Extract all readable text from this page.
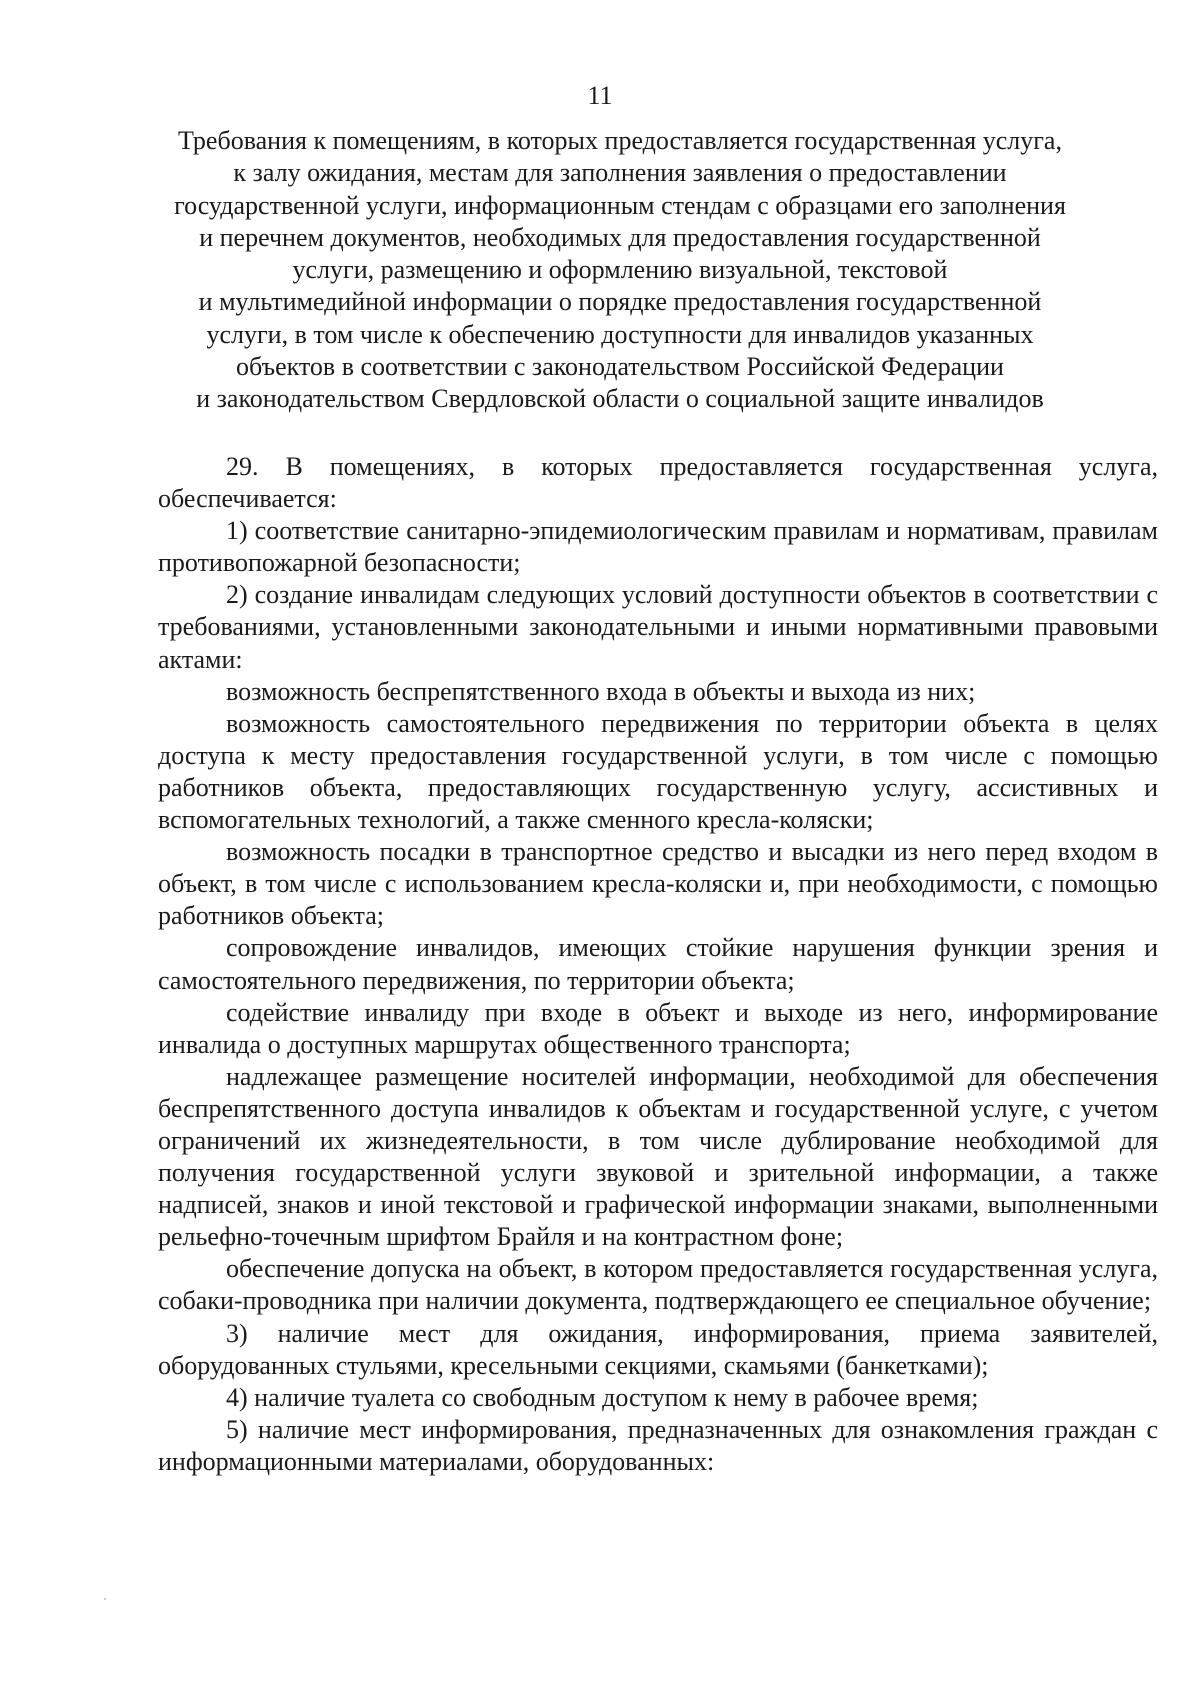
11
Требования к помещениям, в которых предоставляется государственная услуга,
к залу ожидания, местам для заполнения заявления о предоставлении
государственной услуги, информационным стендам с образцами его заполнения
и перечнем документов, необходимых для предоставления государственной
услуги, размещению и оформлению визуальной, текстовой
и мультимедийной информации о порядке предоставления государственной
услуги, в том числе к обеспечению доступности для инвалидов указанных
объектов в соответствии с законодательством Российской Федерации
и законодательством Свердловской области о социальной защите инвалидов

29. В помещениях, в которых предоставляется государственная услуга, обеспечивается:

1) соответствие санитарно-эпидемиологическим правилам и нормативам, правилам противопожарной безопасности;

2) создание инвалидам следующих условий доступности объектов в соответствии с требованиями, установленными законодательными и иными нормативными правовыми актами:

возможность беспрепятственного входа в объекты и выхода из них;

возможность самостоятельного передвижения по территории объекта в целях доступа к месту предоставления государственной услуги, в том числе с помощью работников объекта, предоставляющих государственную услугу, ассистивных и вспомогательных технологий, а также сменного кресла-коляски;

возможность посадки в транспортное средство и высадки из него перед входом в объект, в том числе с использованием кресла-коляски и, при необходимости, с помощью работников объекта;

сопровождение инвалидов, имеющих стойкие нарушения функции зрения и самостоятельного передвижения, по территории объекта;

содействие инвалиду при входе в объект и выходе из него, информирование инвалида о доступных маршрутах общественного транспорта;

надлежащее размещение носителей информации, необходимой для обеспечения беспрепятственного доступа инвалидов к объектам и государственной услуге, с учетом ограничений их жизнедеятельности, в том числе дублирование необходимой для получения государственной услуги звуковой и зрительной информации, а также надписей, знаков и иной текстовой и графической информации знаками, выполненными рельефно-точечным шрифтом Брайля и на контрастном фоне;

обеспечение допуска на объект, в котором предоставляется государственная услуга, собаки-проводника при наличии документа, подтверждающего ее специальное обучение;

3) наличие мест для ожидания, информирования, приема заявителей, оборудованных стульями, кресельными секциями, скамьями (банкетками);

4) наличие туалета со свободным доступом к нему в рабочее время;

5) наличие мест информирования, предназначенных для ознакомления граждан с информационными материалами, оборудованных:
